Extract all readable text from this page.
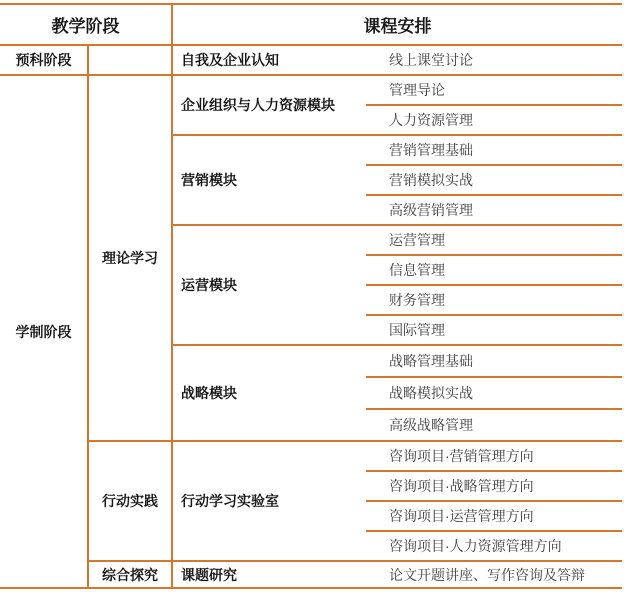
教学阶段		课程安排	
预科阶段		自我及企业认知	线上课堂讨论
学制阶段	理论学习	企业组织与人力资源模块	管理导论
			人力资源管理
		营销模块	营销管理基础
			营销模拟实战
			高级营销管理
		运营模块	运营管理
			信息管理
			财务管理
			国际管理
		战略模块	战略管理基础
			战略模拟实战
			高级战略管理
	行动实践	行动学习实验室	咨询项目·营销管理方向
			咨询项目·战略管理方向
			咨询项目·运营管理方向
			咨询项目·人力资源管理方向
	综合探究	课题研究	论文开题讲座、写作咨询及答辩
